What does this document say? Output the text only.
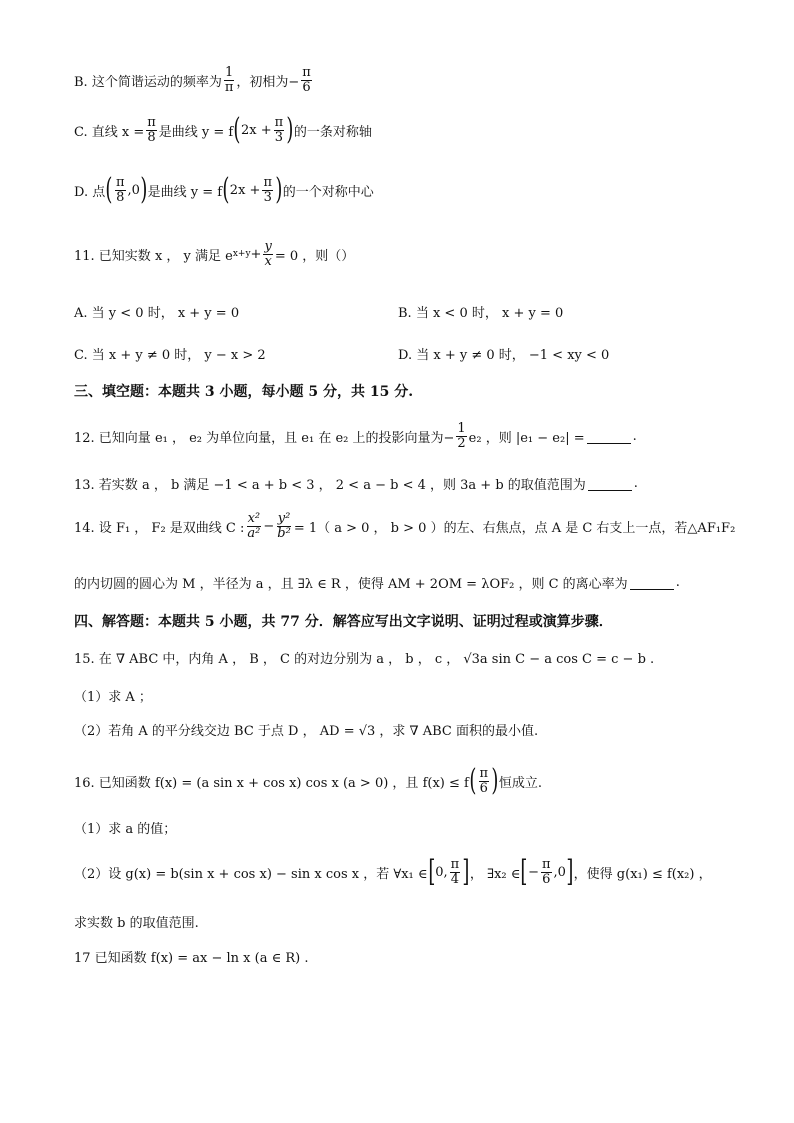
B. 这个简谐运动的频率为 $\frac{1}{\pi}$ ，初相为− $\frac{\pi}{6}$
C. 直线 $x = \frac{\pi}{8}$ 是曲线 y = f ( $2x + \frac{\pi}{3}$ ) 的一条对称轴
D. 点 ( $\frac{\pi}{8} ,0$ ) 是曲线 y = f ( $2x + \frac{\pi}{3}$ ) 的一个对称中心
11. 已知实数 x ， y 满足 e $x+y + \frac{y}{x} = 0$ ，则（）
A. 当 y < 0 时， x + y = 0	B. 当 x < 0 时， x + y = 0
C. 当 x + y ≠ 0 时， y − x > 2	D. 当 x + y ≠ 0 时， −1 < xy < 0
三、填空题：本题共 3 小题，每小题 5 分，共 15 分.
12. 已知向量 e₁ ， e₂ 为单位向量，且 e₁ 在 e₂ 上的投影向量为− $\frac{1}{2} e_2$ ，则 |e₁ − e₂| =	.
13. 若实数 a ， b 满足 −1 < a + b < 3 ， 2 < a − b < 4 ，则 3a + b 的取值范围为	.
14. 设 F₁ ， F₂ 是双曲线 C : $\frac{\text{x²}}{\text{a²}} - \frac{\text{y²}}{\text{b²}} = 1$（ a > 0 ， b > 0 ）的左、右焦点，点 A 是 C 右支上一点，若△AF₁F₂
的内切圆的圆心为 M ，半径为 a ，且 ∃λ ∈ R ，使得 AM + 2OM = λOF₂ ，则 C 的离心率为	.
四、解答题：本题共 5 小题，共 77 分．解答应写出文字说明、证明过程或演算步骤．
15. 在 ∇ ABC 中，内角 A ， B ， C 的对边分别为 a ， b ， c ， √3a sin C − a cos C = c − b .
（1）求 A ；
（2）若角 A 的平分线交边 BC 于点 D ， AD = √3 ，求 ∇ ABC 面积的最小值.
16. 已知函数 f(x) = (a sin x + cos x) cos x (a > 0) ，且 f(x) ≤ f ( $\frac{\pi}{6}$ ) 恒成立.
（1）求 a 的值；
（2）设 g(x) = b(sin x + cos x) − sin x cos x ，若 ∀x₁ ∈ [ 0, $\frac{\pi}{4}$ ] ， ∃x₂ ∈ [ − $\frac{\pi}{6} ,0$ ] ，使得 g(x₁) ≤ f(x₂) ，
求实数 b 的取值范围.
17 已知函数 f(x) = ax − ln x (a ∈ R) .
